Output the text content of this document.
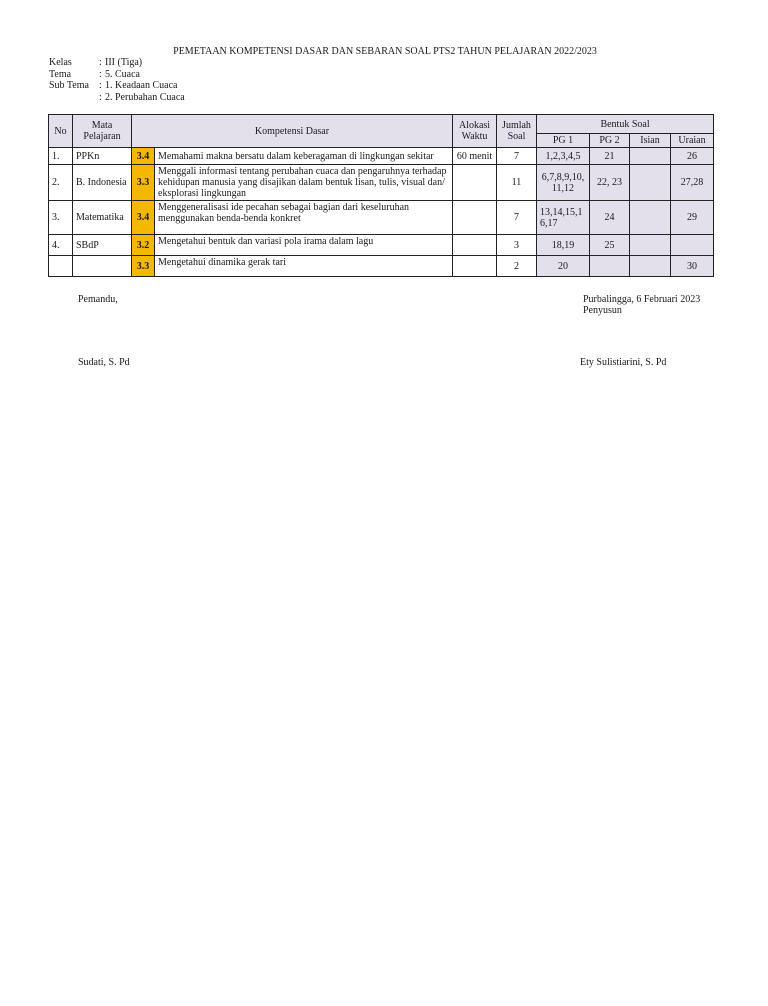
PEMETAAN KOMPETENSI DASAR DAN SEBARAN SOAL PTS2 TAHUN PELAJARAN 2022/2023
Kelas	: III (Tiga)
Tema	: 5. Cuaca
Sub Tema	: 1. Keadaan Cuaca
: 2. Perubahan Cuaca
No	Mata Pelajaran	Kompetensi Dasar		Alokasi Waktu	Jumlah Soal	Bentuk Soal			
						PG 1	PG 2	Isian	Uraian
1.	PPKn	3.4	Memahami makna bersatu dalam keberagaman di lingkungan sekitar	60 menit	7	1,2,3,4,5	21		26
2.	B. Indonesia	3.3	Menggali informasi tentang perubahan cuaca dan pengaruhnya terhadap kehidupan manusia yang disajikan dalam bentuk lisan, tulis, visual dan/ eksplorasi lingkungan		11	6,7,8,9,10, 11,12	22, 23		27,28
3.	Matematika	3.4	Menggeneralisasi ide pecahan sebagai bagian dari keseluruhan menggunakan benda-benda konkret		7	13,14,15,1 6,17	24		29
4.	SBdP	3.2	Mengetahui bentuk dan variasi pola irama dalam lagu		3	18,19	25		
		3.3	Mengetahui dinamika gerak tari		2	20			30
Pemandu,	Purbalingga, 6 Februari 2023
Penyusun
Sudati, S. Pd	Ety Sulistiarini, S. Pd
